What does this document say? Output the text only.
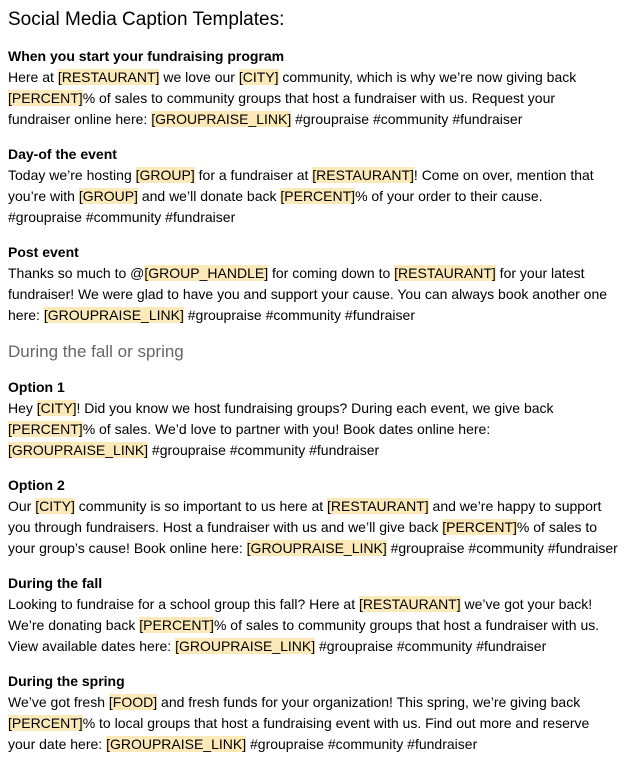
Social Media Caption Templates:
When you start your fundraising program

Here at [RESTAURANT] we love our [CITY] community, which is why we’re now giving back [PERCENT]% of sales to community groups that host a fundraiser with us. Request your fundraiser online here: [GROUPRAISE_LINK] #groupraise #community #fundraiser

Day-of the event

Today we’re hosting [GROUP] for a fundraiser at [RESTAURANT]! Come on over, mention that you’re with [GROUP] and we’ll donate back [PERCENT]% of your order to their cause. #groupraise #community #fundraiser

Post event

Thanks so much to @[GROUP_HANDLE] for coming down to [RESTAURANT] for your latest fundraiser! We were glad to have you and support your cause. You can always book another one here: [GROUPRAISE_LINK] #groupraise #community #fundraiser

During the fall or spring
Option 1

Hey [CITY]! Did you know we host fundraising groups? During each event, we give back [PERCENT]% of sales. We’d love to partner with you! Book dates online here: [GROUPRAISE_LINK] #groupraise #community #fundraiser

Option 2

Our [CITY] community is so important to us here at [RESTAURANT] and we’re happy to support you through fundraisers. Host a fundraiser with us and we’ll give back [PERCENT]% of sales to your group’s cause! Book online here: [GROUPRAISE_LINK] #groupraise #community #fundraiser

During the fall

Looking to fundraise for a school group this fall? Here at [RESTAURANT] we’ve got your back! We’re donating back [PERCENT]% of sales to community groups that host a fundraiser with us. View available dates here: [GROUPRAISE_LINK] #groupraise #community #fundraiser

During the spring

We’ve got fresh [FOOD] and fresh funds for your organization! This spring, we’re giving back [PERCENT]% to local groups that host a fundraising event with us. Find out more and reserve your date here: [GROUPRAISE_LINK] #groupraise #community #fundraiser
